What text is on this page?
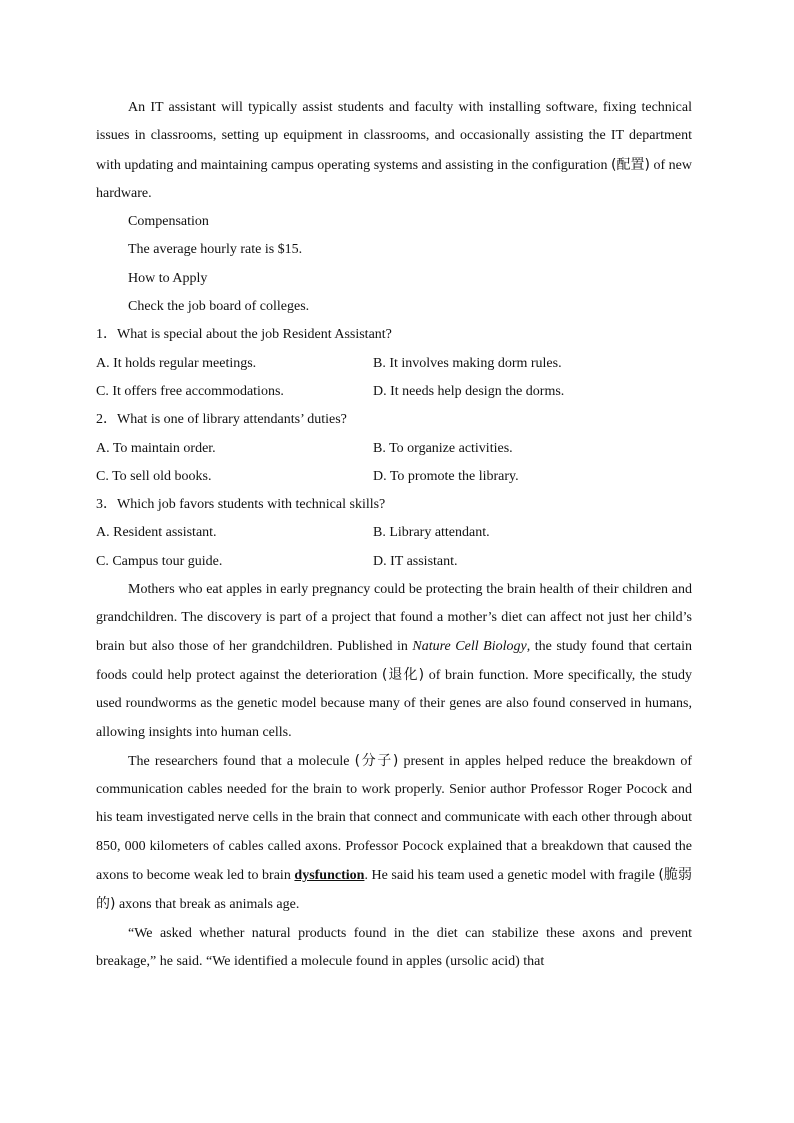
An IT assistant will typically assist students and faculty with installing software, fixing technical issues in classrooms, setting up equipment in classrooms, and occasionally assisting the IT department with updating and maintaining campus operating systems and assisting in the configuration (配置) of new hardware.

Compensation

The average hourly rate is $15.

How to Apply

Check the job board of colleges.

1．What is special about the job Resident Assistant?

A. It holds regular meetings.	B. It involves making dorm rules.
C. It offers free accommodations.	D. It needs help design the dorms.

2．What is one of library attendants’ duties?

A. To maintain order.	B. To organize activities.
C. To sell old books.	D. To promote the library.

3．Which job favors students with technical skills?

A. Resident assistant.	B. Library attendant.
C. Campus tour guide.	D. IT assistant.

Mothers who eat apples in early pregnancy could be protecting the brain health of their children and grandchildren. The discovery is part of a project that found a mother’s diet can affect not just her child’s brain but also those of her grandchildren. Published in Nature Cell Biology, the study found that certain foods could help protect against the deterioration (退化) of brain function. More specifically, the study used roundworms as the genetic model because many of their genes are also found conserved in humans, allowing insights into human cells.

The researchers found that a molecule (分子) present in apples helped reduce the breakdown of communication cables needed for the brain to work properly. Senior author Professor Roger Pocock and his team investigated nerve cells in the brain that connect and communicate with each other through about 850, 000 kilometers of cables called axons. Professor Pocock explained that a breakdown that caused the axons to become weak led to brain dysfunction. He said his team used a genetic model with fragile (脆弱的) axons that break as animals age.

“We asked whether natural products found in the diet can stabilize these axons and prevent breakage,” he said. “We identified a molecule found in apples (ursolic acid) that
